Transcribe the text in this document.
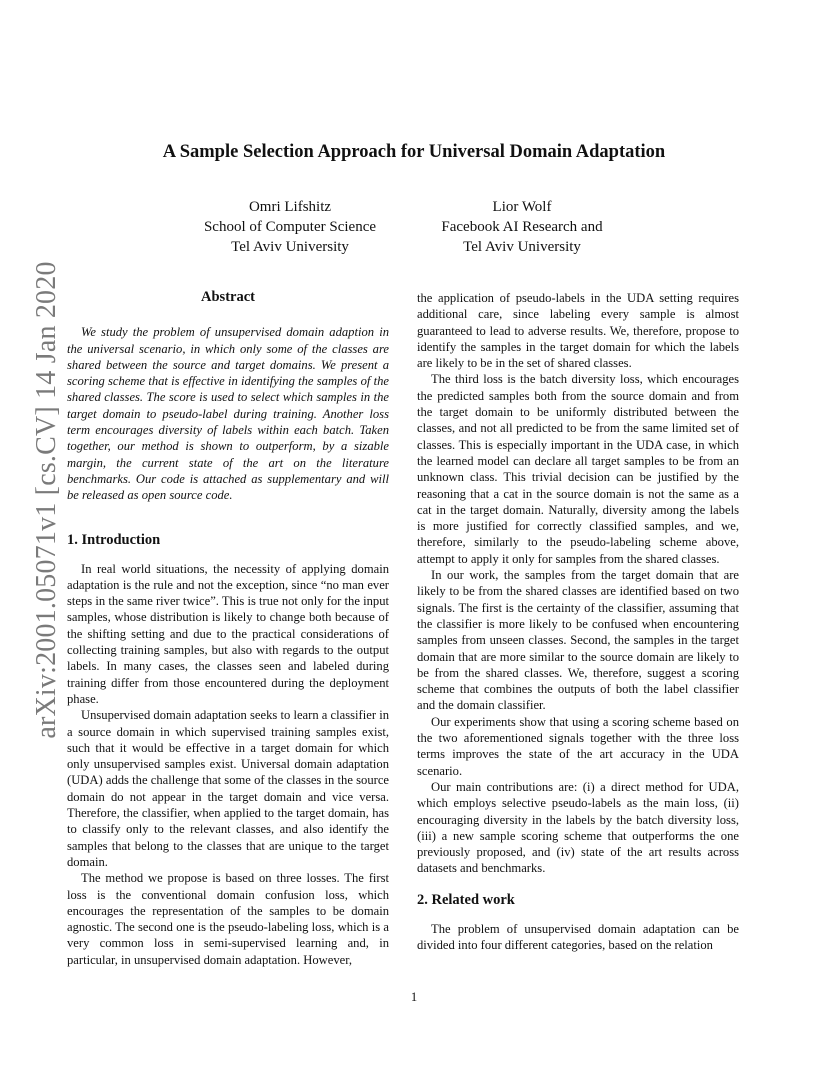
arXiv:2001.05071v1 [cs.CV] 14 Jan 2020
A Sample Selection Approach for Universal Domain Adaptation
Omri Lifshitz
School of Computer Science
Tel Aviv University
Lior Wolf
Facebook AI Research and
Tel Aviv University
Abstract

We study the problem of unsupervised domain adaption in the universal scenario, in which only some of the classes are shared between the source and target domains. We present a scoring scheme that is effective in identifying the samples of the shared classes. The score is used to select which samples in the target domain to pseudo-label during training. Another loss term encourages diversity of labels within each batch. Taken together, our method is shown to outperform, by a sizable margin, the current state of the art on the literature benchmarks. Our code is attached as supplementary and will be released as open source code.

1. Introduction

In real world situations, the necessity of applying domain adaptation is the rule and not the exception, since “no man ever steps in the same river twice”. This is true not only for the input samples, whose distribution is likely to change both because of the shifting setting and due to the practical considerations of collecting training samples, but also with regards to the output labels. In many cases, the classes seen and labeled during training differ from those encountered during the deployment phase.

Unsupervised domain adaptation seeks to learn a classifier in a source domain in which supervised training samples exist, such that it would be effective in a target domain for which only unsupervised samples exist. Universal domain adaptation (UDA) adds the challenge that some of the classes in the source domain do not appear in the target domain and vice versa. Therefore, the classifier, when applied to the target domain, has to classify only to the relevant classes, and also identify the samples that belong to the classes that are unique to the target domain.

The method we propose is based on three losses. The first loss is the conventional domain confusion loss, which encourages the representation of the samples to be domain agnostic. The second one is the pseudo-labeling loss, which is a very common loss in semi-supervised learning and, in particular, in unsupervised domain adaptation. However,

the application of pseudo-labels in the UDA setting requires additional care, since labeling every sample is almost guaranteed to lead to adverse results. We, therefore, propose to identify the samples in the target domain for which the labels are likely to be in the set of shared classes.

The third loss is the batch diversity loss, which encourages the predicted samples both from the source domain and from the target domain to be uniformly distributed between the classes, and not all predicted to be from the same limited set of classes. This is especially important in the UDA case, in which the learned model can declare all target samples to be from an unknown class. This trivial decision can be justified by the reasoning that a cat in the source domain is not the same as a cat in the target domain. Naturally, diversity among the labels is more justified for correctly classified samples, and we, therefore, similarly to the pseudo-labeling scheme above, attempt to apply it only for samples from the shared classes.

In our work, the samples from the target domain that are likely to be from the shared classes are identified based on two signals. The first is the certainty of the classifier, assuming that the classifier is more likely to be confused when encountering samples from unseen classes. Second, the samples in the target domain that are more similar to the source domain are likely to be from the shared classes. We, therefore, suggest a scoring scheme that combines the outputs of both the label classifier and the domain classifier.

Our experiments show that using a scoring scheme based on the two aforementioned signals together with the three loss terms improves the state of the art accuracy in the UDA scenario.

Our main contributions are: (i) a direct method for UDA, which employs selective pseudo-labels as the main loss, (ii) encouraging diversity in the labels by the batch diversity loss, (iii) a new sample scoring scheme that outperforms the one previously proposed, and (iv) state of the art results across datasets and benchmarks.

2. Related work

The problem of unsupervised domain adaptation can be divided into four different categories, based on the relation

1
